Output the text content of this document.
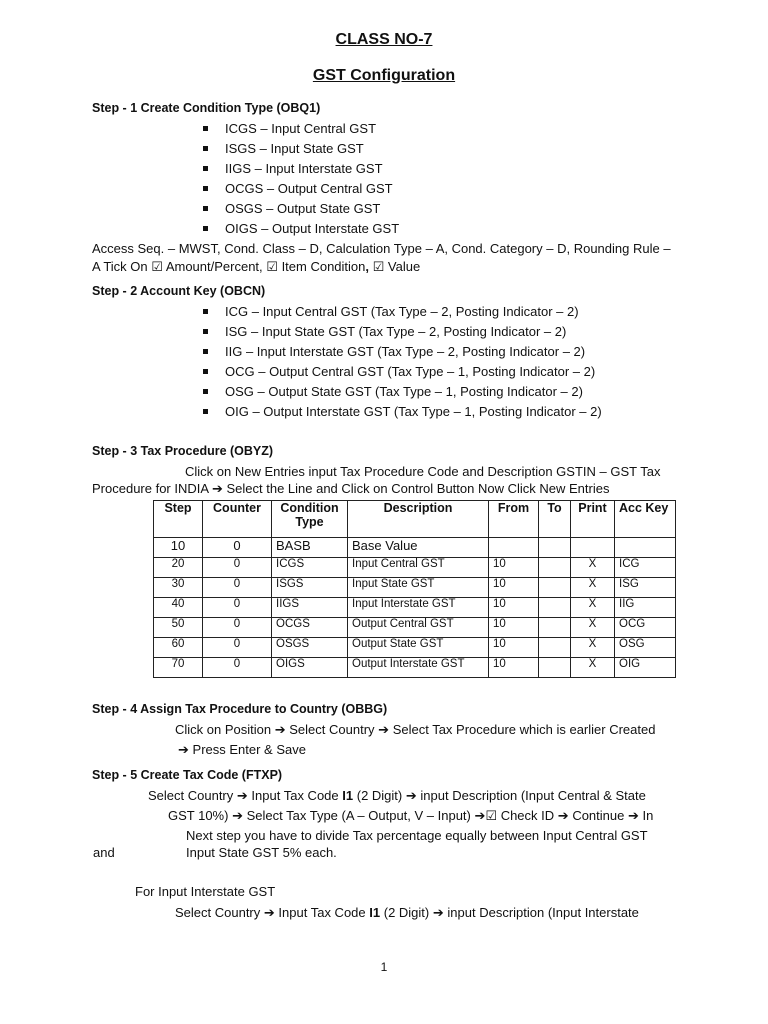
CLASS NO-7
GST Configuration
Step - 1 Create Condition Type (OBQ1)
ICGS – Input Central GST
ISGS – Input State GST
IIGS – Input Interstate GST
OCGS – Output Central GST
OSGS – Output State GST
OIGS – Output Interstate GST
Access Seq. – MWST, Cond. Class – D, Calculation Type – A, Cond. Category – D, Rounding Rule –
A Tick On ☑ Amount/Percent, ☑ Item Condition, ☑ Value
Step - 2 Account Key (OBCN)
ICG – Input Central GST (Tax Type – 2, Posting Indicator – 2)
ISG – Input State GST (Tax Type – 2, Posting Indicator – 2)
IIG – Input Interstate GST (Tax Type – 2, Posting Indicator – 2)
OCG – Output Central GST (Tax Type – 1, Posting Indicator – 2)
OSG – Output State GST (Tax Type – 1, Posting Indicator – 2)
OIG – Output Interstate GST (Tax Type – 1, Posting Indicator – 2)
Step - 3 Tax Procedure (OBYZ)
Click on New Entries input Tax Procedure Code and Description GSTIN – GST Tax
Procedure for INDIA ➔ Select the Line and Click on Control Button Now Click New Entries
Step	Counter	Condition Type	Description	From	To	Print	Acc Key
10	0	BASB	Base Value				
20	0	ICGS	Input Central GST	10		X	ICG
30	0	ISGS	Input State GST	10		X	ISG
40	0	IIGS	Input Interstate GST	10		X	IIG
50	0	OCGS	Output Central GST	10		X	OCG
60	0	OSGS	Output State GST	10		X	OSG
70	0	OIGS	Output Interstate GST	10		X	OIG
Step - 4 Assign Tax Procedure to Country (OBBG)
Click on Position ➔ Select Country ➔ Select Tax Procedure which is earlier Created
➔ Press Enter & Save
Step - 5 Create Tax Code (FTXP)
Select Country ➔ Input Tax Code I1 (2 Digit) ➔ input Description (Input Central & State
GST 10%) ➔ Select Tax Type (A – Output, V – Input) ➔☑ Check ID ➔ Continue ➔ In
Next step you have to divide Tax percentage equally between Input Central GST
and	Input State GST 5% each.
For Input Interstate GST
Select Country ➔ Input Tax Code I1 (2 Digit) ➔ input Description (Input Interstate
1
